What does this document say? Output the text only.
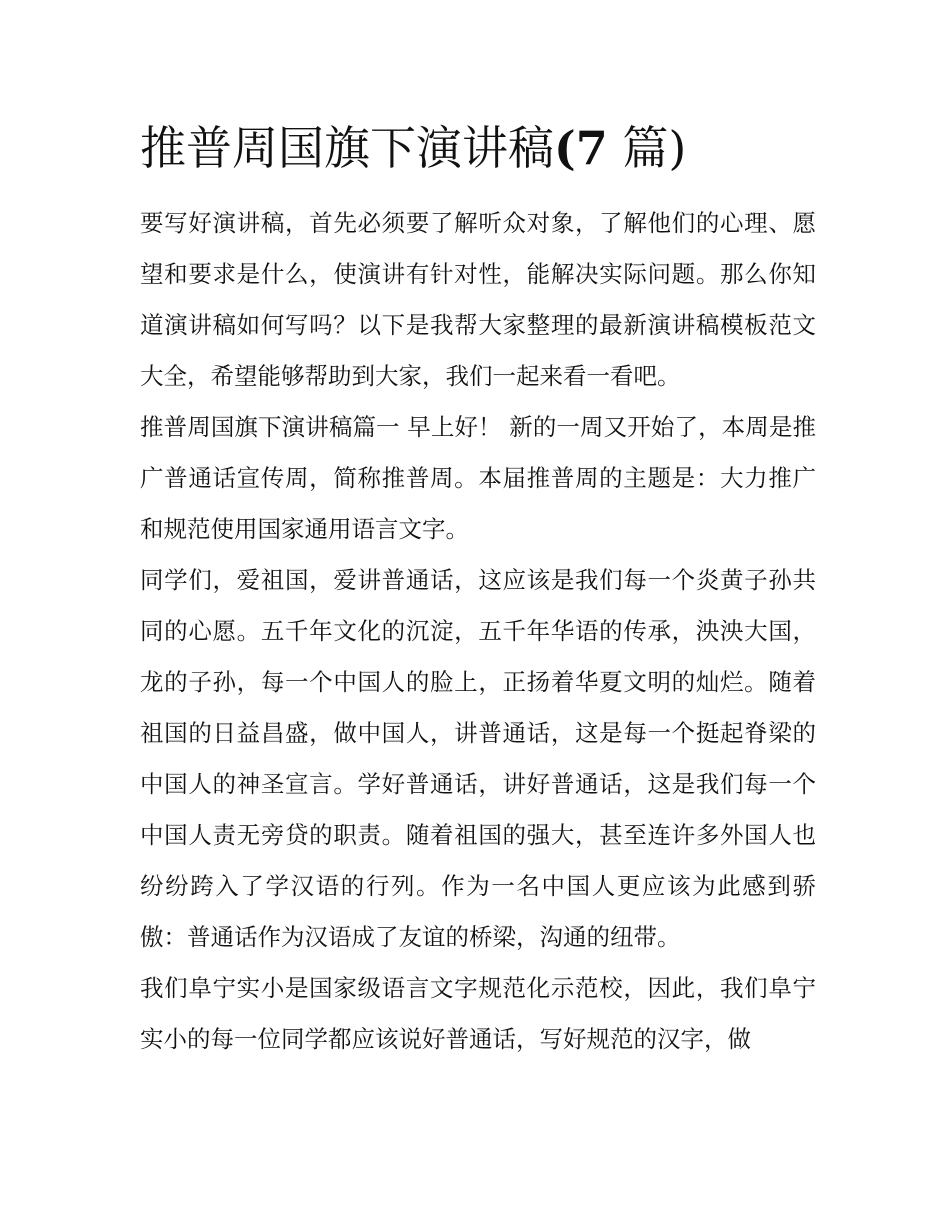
推普周国旗下演讲稿(7 篇)

要写好演讲稿，首先必须要了解听众对象，了解他们的心理、愿望和要求是什么，使演讲有针对性，能解决实际问题。那么你知道演讲稿如何写吗？以下是我帮大家整理的最新演讲稿模板范文大全，希望能够帮助到大家，我们一起来看一看吧。

推普周国旗下演讲稿篇一 早上好！ 新的一周又开始了，本周是推广普通话宣传周，简称推普周。本届推普周的主题是：大力推广和规范使用国家通用语言文字。

同学们，爱祖国，爱讲普通话，这应该是我们每一个炎黄子孙共同的心愿。五千年文化的沉淀，五千年华语的传承，泱泱大国，龙的子孙，每一个中国人的脸上，正扬着华夏文明的灿烂。随着祖国的日益昌盛，做中国人，讲普通话，这是每一个挺起脊梁的中国人的神圣宣言。学好普通话，讲好普通话，这是我们每一个中国人责无旁贷的职责。随着祖国的强大，甚至连许多外国人也纷纷跨入了学汉语的行列。作为一名中国人更应该为此感到骄傲：普通话作为汉语成了友谊的桥梁，沟通的纽带。

我们阜宁实小是国家级语言文字规范化示范校，因此，我们阜宁实小的每一位同学都应该说好普通话，写好规范的汉字，做
